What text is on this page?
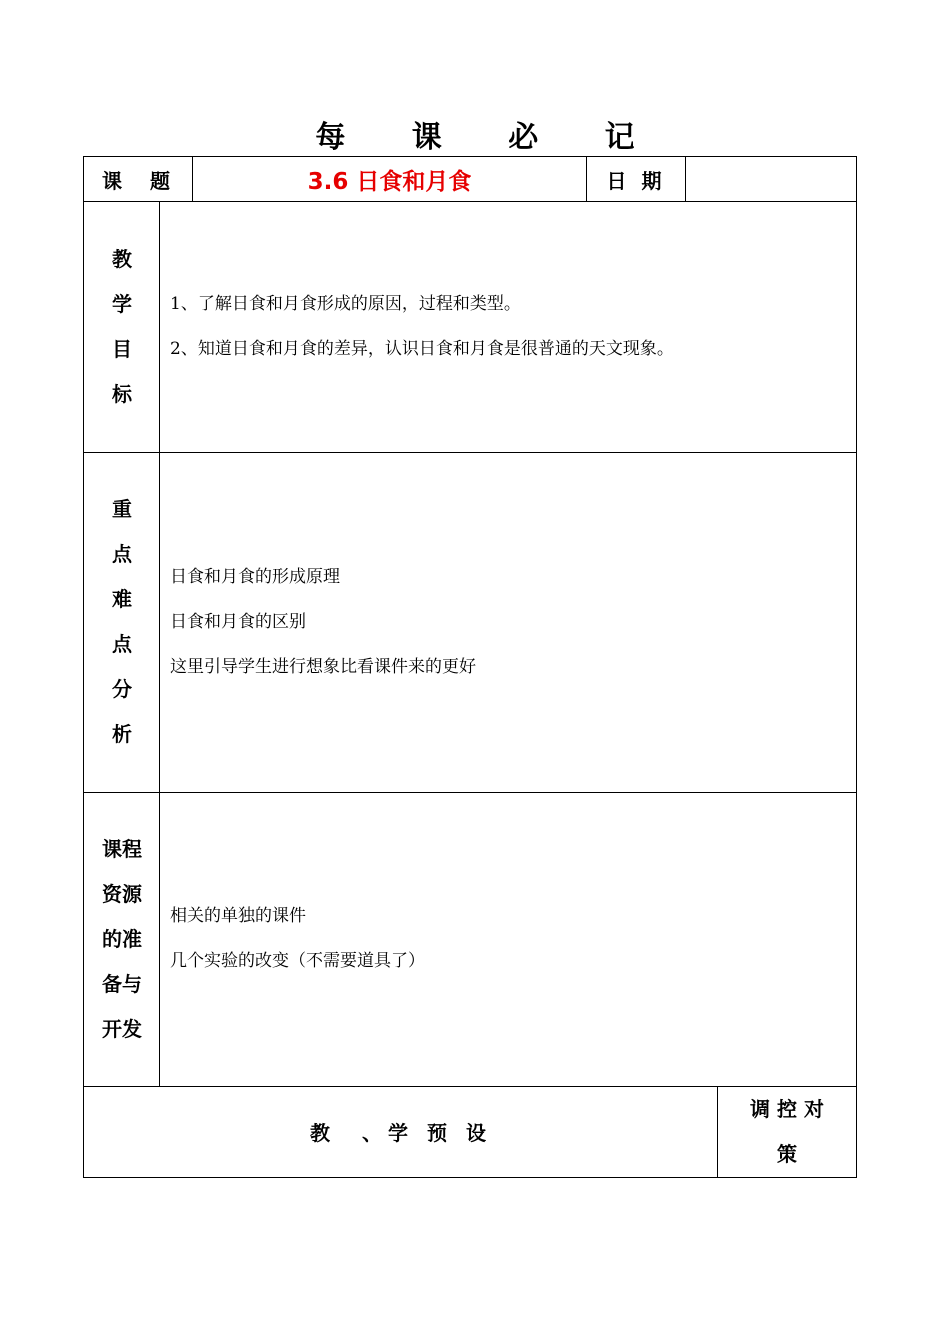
每 课 必 记
课　题	3.6 日食和月食	日 期
教
学
目
标

1、了解日食和月食形成的原因，过程和类型。

2、知道日食和月食的差异，认识日食和月食是很普通的天文现象。

重
点
难
点
分
析

日食和月食的形成原理

日食和月食的区别

这里引导学生进行想象比看课件来的更好

课程
资源
的准
备与
开发

相关的单独的课件

几个实验的改变（不需要道具了）

教　、学 预 设
调 控 对
策
